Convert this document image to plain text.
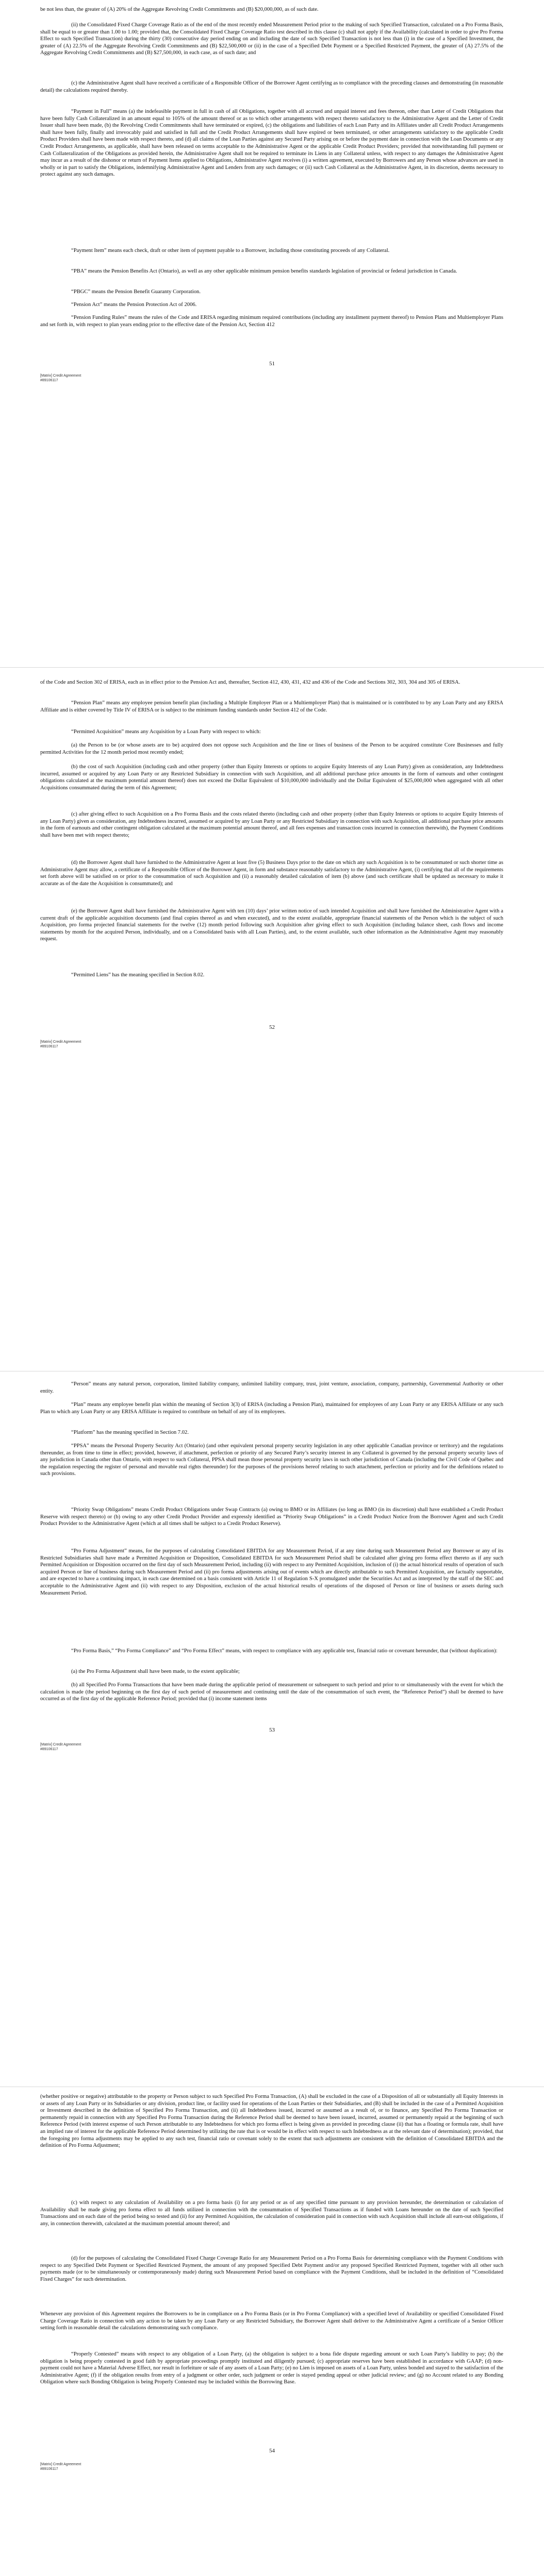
be not less than, the greater of (A) 20% of the Aggregate Revolving Credit Commitments and (B) $20,000,000, as of such date.

(ii) the Consolidated Fixed Charge Coverage Ratio as of the end of the most recently ended Measurement Period prior to the making of such Specified Transaction, calculated on a Pro Forma Basis, shall be equal to or greater than 1.00 to 1.00; provided that, the Consolidated Fixed Charge Coverage Ratio test described in this clause (c) shall not apply if the Availability (calculated in order to give Pro Forma Effect to such Specified Transaction) during the thirty (30) consecutive day period ending on and including the date of such Specified Transaction is not less than (i) in the case of a Specified Investment, the greater of (A) 22.5% of the Aggregate Revolving Credit Commitments and (B) $22,500,000 or (ii) in the case of a Specified Debt Payment or a Specified Restricted Payment, the greater of (A) 27.5% of the Aggregate Revolving Credit Commitments and (B) $27,500,000, in each case, as of such date; and

(c) the Administrative Agent shall have received a certificate of a Responsible Officer of the Borrower Agent certifying as to compliance with the preceding clauses and demonstrating (in reasonable detail) the calculations required thereby.

“Payment in Full” means (a) the indefeasible payment in full in cash of all Obligations, together with all accrued and unpaid interest and fees thereon, other than Letter of Credit Obligations that have been fully Cash Collateralized in an amount equal to 105% of the amount thereof or as to which other arrangements with respect thereto satisfactory to the Administrative Agent and the Letter of Credit Issuer shall have been made, (b) the Revolving Credit Commitments shall have terminated or expired, (c) the obligations and liabilities of each Loan Party and its Affiliates under all Credit Product Arrangements shall have been fully, finally and irrevocably paid and satisfied in full and the Credit Product Arrangements shall have expired or been terminated, or other arrangements satisfactory to the applicable Credit Product Providers shall have been made with respect thereto, and (d) all claims of the Loan Parties against any Secured Party arising on or before the payment date in connection with the Loan Documents or any Credit Product Arrangements, as applicable, shall have been released on terms acceptable to the Administrative Agent or the applicable Credit Product Providers; provided that notwithstanding full payment or Cash Collateralization of the Obligations as provided herein, the Administrative Agent shall not be required to terminate its Liens in any Collateral unless, with respect to any damages the Administrative Agent may incur as a result of the dishonor or return of Payment Items applied to Obligations, Administrative Agent receives (i) a written agreement, executed by Borrowers and any Person whose advances are used in wholly or in part to satisfy the Obligations, indemnifying Administrative Agent and Lenders from any such damages; or (ii) such Cash Collateral as the Administrative Agent, in its discretion, deems necessary to protect against any such damages.

“Payment Item” means each check, draft or other item of payment payable to a Borrower, including those constituting proceeds of any Collateral.

“PBA” means the Pension Benefits Act (Ontario), as well as any other applicable minimum pension benefits standards legislation of provincial or federal jurisdiction in Canada.

“PBGC” means the Pension Benefit Guaranty Corporation.

“Pension Act” means the Pension Protection Act of 2006.

“Pension Funding Rules” means the rules of the Code and ERISA regarding minimum required contributions (including any installment payment thereof) to Pension Plans and Multiemployer Plans and set forth in, with respect to plan years ending prior to the effective date of the Pension Act, Section 412

51
[Matrix] Credit Agreement
#89106117

of the Code and Section 302 of ERISA, each as in effect prior to the Pension Act and, thereafter, Section 412, 430, 431, 432 and 436 of the Code and Sections 302, 303, 304 and 305 of ERISA.

“Pension Plan” means any employee pension benefit plan (including a Multiple Employer Plan or a Multiemployer Plan) that is maintained or is contributed to by any Loan Party and any ERISA Affiliate and is either covered by Title IV of ERISA or is subject to the minimum funding standards under Section 412 of the Code.

“Permitted Acquisition” means any Acquisition by a Loan Party with respect to which:

(a) the Person to be (or whose assets are to be) acquired does not oppose such Acquisition and the line or lines of business of the Person to be acquired constitute Core Businesses and fully permitted Activities for the 12 month period most recently ended;

(b) the cost of such Acquisition (including cash and other property (other than Equity Interests or options to acquire Equity Interests of any Loan Party) given as consideration, any Indebtedness incurred, assumed or acquired by any Loan Party or any Restricted Subsidiary in connection with such Acquisition, and all additional purchase price amounts in the form of earnouts and other contingent obligations calculated at the maximum potential amount thereof) does not exceed the Dollar Equivalent of $10,000,000 individually and the Dollar Equivalent of $25,000,000 when aggregated with all other Acquisitions consummated during the term of this Agreement;

(c) after giving effect to such Acquisition on a Pro Forma Basis and the costs related thereto (including cash and other property (other than Equity Interests or options to acquire Equity Interests of any Loan Party) given as consideration, any Indebtedness incurred, assumed or acquired by any Loan Party or any Restricted Subsidiary in connection with such Acquisition, all additional purchase price amounts in the form of earnouts and other contingent obligation calculated at the maximum potential amount thereof, and all fees expenses and transaction costs incurred in connection therewith), the Payment Conditions shall have been met with respect thereto;

(d) the Borrower Agent shall have furnished to the Administrative Agent at least five (5) Business Days prior to the date on which any such Acquisition is to be consummated or such shorter time as Administrative Agent may allow, a certificate of a Responsible Officer of the Borrower Agent, in form and substance reasonably satisfactory to the Administrative Agent, (i) certifying that all of the requirements set forth above will be satisfied on or prior to the consummation of such Acquisition and (ii) a reasonably detailed calculation of item (b) above (and such certificate shall be updated as necessary to make it accurate as of the date the Acquisition is consummated); and

(e) the Borrower Agent shall have furnished the Administrative Agent with ten (10) days’ prior written notice of such intended Acquisition and shall have furnished the Administrative Agent with a current draft of the applicable acquisition documents (and final copies thereof as and when executed), and to the extent available, appropriate financial statements of the Person which is the subject of such Acquisition, pro forma projected financial statements for the twelve (12) month period following such Acquisition after giving effect to such Acquisition (including balance sheet, cash flows and income statements by month for the acquired Person, individually, and on a Consolidated basis with all Loan Parties), and, to the extent available, such other information as the Administrative Agent may reasonably request.

“Permitted Liens” has the meaning specified in Section 8.02.

52
[Matrix] Credit Agreement
#89106117

“Person” means any natural person, corporation, limited liability company, unlimited liability company, trust, joint venture, association, company, partnership, Governmental Authority or other entity.

“Plan” means any employee benefit plan within the meaning of Section 3(3) of ERISA (including a Pension Plan), maintained for employees of any Loan Party or any ERISA Affiliate or any such Plan to which any Loan Party or any ERISA Affiliate is required to contribute on behalf of any of its employees.

“Platform” has the meaning specified in Section 7.02.

“PPSA” means the Personal Property Security Act (Ontario) (and other equivalent personal property security legislation in any other applicable Canadian province or territory) and the regulations thereunder, as from time to time in effect; provided, however, if attachment, perfection or priority of any Secured Party’s security interest in any Collateral is governed by the personal property security laws of any jurisdiction in Canada other than Ontario, with respect to such Collateral, PPSA shall mean those personal property security laws in such other jurisdiction of Canada (including the Civil Code of Québec and the regulation respecting the register of personal and movable real rights thereunder) for the purposes of the provisions hereof relating to such attachment, perfection or priority and for the definitions related to such provisions.

“Priority Swap Obligations” means Credit Product Obligations under Swap Contracts (a) owing to BMO or its Affiliates (so long as BMO (in its discretion) shall have established a Credit Product Reserve with respect thereto) or (b) owing to any other Credit Product Provider and expressly identified as “Priority Swap Obligations” in a Credit Product Notice from the Borrower Agent and such Credit Product Provider to the Administrative Agent (which at all times shall be subject to a Credit Product Reserve).

“Pro Forma Adjustment” means, for the purposes of calculating Consolidated EBITDA for any Measurement Period, if at any time during such Measurement Period any Borrower or any of its Restricted Subsidiaries shall have made a Permitted Acquisition or Disposition, Consolidated EBITDA for such Measurement Period shall be calculated after giving pro forma effect thereto as if any such Permitted Acquisition or Disposition occurred on the first day of such Measurement Period, including (ii) with respect to any Permitted Acquisition, inclusion of (i) the actual historical results of operation of such acquired Person or line of business during such Measurement Period and (ii) pro forma adjustments arising out of events which are directly attributable to such Permitted Acquisition, are factually supportable, and are expected to have a continuing impact, in each case determined on a basis consistent with Article 11 of Regulation S-X promulgated under the Securities Act and as interpreted by the staff of the SEC and acceptable to the Administrative Agent and (ii) with respect to any Disposition, exclusion of the actual historical results of operations of the disposed of Person or line of business or assets during such Measurement Period.

“Pro Forma Basis,” “Pro Forma Compliance” and “Pro Forma Effect” means, with respect to compliance with any applicable test, financial ratio or covenant hereunder, that (without duplication):

(a) the Pro Forma Adjustment shall have been made, to the extent applicable;

(b) all Specified Pro Forma Transactions that have been made during the applicable period of measurement or subsequent to such period and prior to or simultaneously with the event for which the calculation is made (the period beginning on the first day of such period of measurement and continuing until the date of the consummation of such event, the “Reference Period”) shall be deemed to have occurred as of the first day of the applicable Reference Period; provided that (i) income statement items

53
[Matrix] Credit Agreement
#89106117

(whether positive or negative) attributable to the property or Person subject to such Specified Pro Forma Transaction, (A) shall be excluded in the case of a Disposition of all or substantially all Equity Interests in or assets of any Loan Party or its Subsidiaries or any division, product line, or facility used for operations of the Loan Parties or their Subsidiaries, and (B) shall be included in the case of a Permitted Acquisition or Investment described in the definition of Specified Pro Forma Transaction, and (ii) all Indebtedness issued, incurred or assumed as a result of, or to finance, any Specified Pro Forma Transaction or permanently repaid in connection with any Specified Pro Forma Transaction during the Reference Period shall be deemed to have been issued, incurred, assumed or permanently repaid at the beginning of such Reference Period (with interest expense of such Person attributable to any Indebtedness for which pro forma effect is being given as provided in preceding clause (ii) that has a floating or formula rate, shall have an implied rate of interest for the applicable Reference Period determined by utilizing the rate that is or would be in effect with respect to such Indebtedness as at the relevant date of determination); provided, that the foregoing pro forma adjustments may be applied to any such test, financial ratio or covenant solely to the extent that such adjustments are consistent with the definition of Consolidated EBITDA and the definition of Pro Forma Adjustment;

(c) with respect to any calculation of Availability on a pro forma basis (i) for any period or as of any specified time pursuant to any provision hereunder, the determination or calculation of Availability shall be made giving pro forma effect to all funds utilized in connection with the consummation of Specified Transactions as if funded with Loans hereunder on the date of such Specified Transactions and on each date of the period being so tested and (ii) for any Permitted Acquisition, the calculation of consideration paid in connection with such Acquisition shall include all earn-out obligations, if any, in connection therewith, calculated at the maximum potential amount thereof; and

(d) for the purposes of calculating the Consolidated Fixed Charge Coverage Ratio for any Measurement Period on a Pro Forma Basis for determining compliance with the Payment Conditions with respect to any Specified Debt Payment or Specified Restricted Payment, the amount of any proposed Specified Debt Payment and/or any proposed Specified Restricted Payment, together with all other such payments made (or to be simultaneously or contemporaneously made) during such Measurement Period based on compliance with the Payment Conditions, shall be included in the definition of “Consolidated Fixed Charges” for such determination.

Whenever any provision of this Agreement requires the Borrowers to be in compliance on a Pro Forma Basis (or in Pro Forma Compliance) with a specified level of Availability or specified Consolidated Fixed Charge Coverage Ratio in connection with any action to be taken by any Loan Party or any Restricted Subsidiary, the Borrower Agent shall deliver to the Administrative Agent a certificate of a Senior Officer setting forth in reasonable detail the calculations demonstrating such compliance.

“Properly Contested” means with respect to any obligation of a Loan Party, (a) the obligation is subject to a bona fide dispute regarding amount or such Loan Party’s liability to pay; (b) the obligation is being properly contested in good faith by appropriate proceedings promptly instituted and diligently pursued; (c) appropriate reserves have been established in accordance with GAAP; (d) non-payment could not have a Material Adverse Effect, nor result in forfeiture or sale of any assets of a Loan Party; (e) no Lien is imposed on assets of a Loan Party, unless bonded and stayed to the satisfaction of the Administrative Agent; (f) if the obligation results from entry of a judgment or other order, such judgment or order is stayed pending appeal or other judicial review; and (g) no Account related to any Bonding Obligation where such Bonding Obligation is being Properly Contested may be included within the Borrowing Base.

54
[Matrix] Credit Agreement
#89106117
